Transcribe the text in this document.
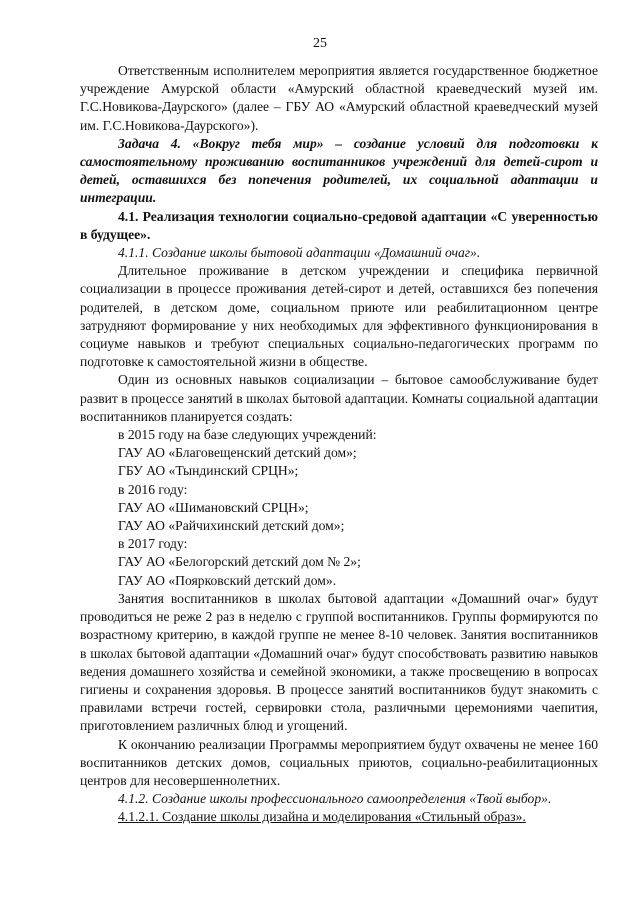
25

Ответственным исполнителем мероприятия является государственное бюджетное учреждение Амурской области «Амурский областной краеведческий музей им. Г.С.Новикова-Даурского» (далее – ГБУ АО «Амурский областной краеведческий музей им. Г.С.Новикова-Даурского»).

Задача 4. «Вокруг тебя мир» – создание условий для подготовки к самостоятельному проживанию воспитанников учреждений для детей-сирот и детей, оставшихся без попечения родителей, их социальной адаптации и интеграции.

4.1. Реализация технологии социально-средовой адаптации «С уверенностью в будущее».

4.1.1. Создание школы бытовой адаптации «Домашний очаг».

Длительное проживание в детском учреждении и специфика первичной социализации в процессе проживания детей-сирот и детей, оставшихся без попечения родителей, в детском доме, социальном приюте или реабилитационном центре затрудняют формирование у них необходимых для эффективного функционирования в социуме навыков и требуют специальных социально-педагогических программ по подготовке к самостоятельной жизни в обществе.

Один из основных навыков социализации – бытовое самообслуживание будет развит в процессе занятий в школах бытовой адаптации. Комнаты социальной адаптации воспитанников планируется создать:

в 2015 году на базе следующих учреждений:

ГАУ АО «Благовещенский детский дом»;

ГБУ АО «Тындинский СРЦН»;

в 2016 году:

ГАУ АО «Шимановский СРЦН»;

ГАУ АО «Райчихинский детский дом»;

в 2017 году:

ГАУ АО «Белогорский детский дом № 2»;

ГАУ АО «Поярковский детский дом».

Занятия воспитанников в школах бытовой адаптации «Домашний очаг» будут проводиться не реже 2 раз в неделю с группой воспитанников. Группы формируются по возрастному критерию, в каждой группе не менее 8-10 человек. Занятия воспитанников в школах бытовой адаптации «Домашний очаг» будут способствовать развитию навыков ведения домашнего хозяйства и семейной экономики, а также просвещению в вопросах гигиены и сохранения здоровья. В процессе занятий воспитанников будут знакомить с правилами встречи гостей, сервировки стола, различными церемониями чаепития, приготовлением различных блюд и угощений.

К окончанию реализации Программы мероприятием будут охвачены не менее 160 воспитанников детских домов, социальных приютов, социально-реабилитационных центров для несовершеннолетних.

4.1.2. Создание школы профессионального самоопределения «Твой выбор».

4.1.2.1. Создание школы дизайна и моделирования «Стильный образ».
